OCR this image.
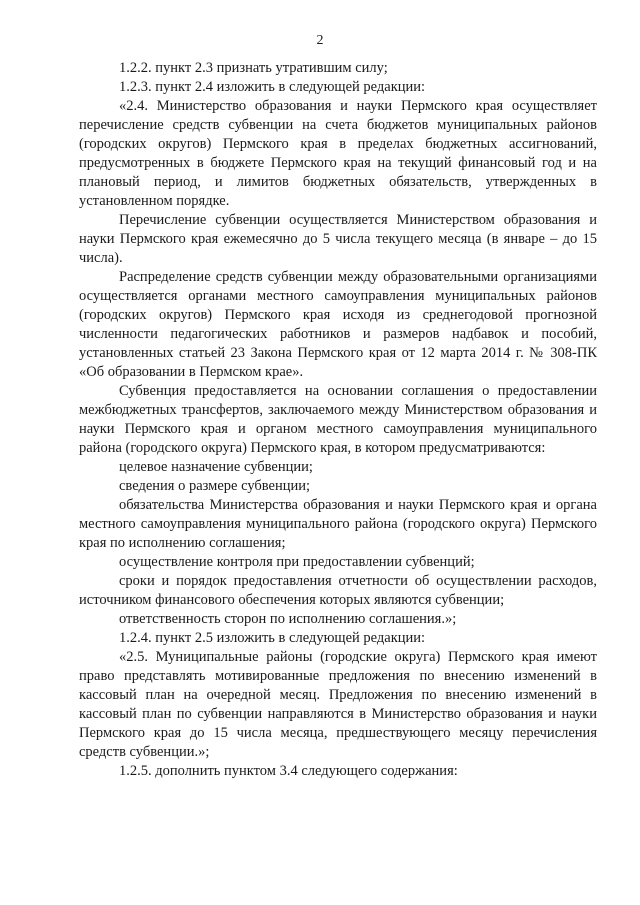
2

1.2.2. пункт 2.3 признать утратившим силу;

1.2.3. пункт 2.4 изложить в следующей редакции:

«2.4. Министерство образования и науки Пермского края осуществляет перечисление средств субвенции на счета бюджетов муниципальных районов (городских округов) Пермского края в пределах бюджетных ассигнований, предусмотренных в бюджете Пермского края на текущий финансовый год и на плановый период, и лимитов бюджетных обязательств, утвержденных в установленном порядке.

Перечисление субвенции осуществляется Министерством образования и науки Пермского края ежемесячно до 5 числа текущего месяца (в январе – до 15 числа).

Распределение средств субвенции между образовательными организациями осуществляется органами местного самоуправления муниципальных районов (городских округов) Пермского края исходя из среднегодовой прогнозной численности педагогических работников и размеров надбавок и пособий, установленных статьей 23 Закона Пермского края от 12 марта 2014 г. № 308-ПК «Об образовании в Пермском крае».

Субвенция предоставляется на основании соглашения о предоставлении межбюджетных трансфертов, заключаемого между Министерством образования и науки Пермского края и органом местного самоуправления муниципального района (городского округа) Пермского края, в котором предусматриваются:

целевое назначение субвенции;

сведения о размере субвенции;

обязательства Министерства образования и науки Пермского края и органа местного самоуправления муниципального района (городского округа) Пермского края по исполнению соглашения;

осуществление контроля при предоставлении субвенций;

сроки и порядок предоставления отчетности об осуществлении расходов, источником финансового обеспечения которых являются субвенции;

ответственность сторон по исполнению соглашения.»;

1.2.4. пункт 2.5 изложить в следующей редакции:

«2.5. Муниципальные районы (городские округа) Пермского края имеют право представлять мотивированные предложения по внесению изменений в кассовый план на очередной месяц. Предложения по внесению изменений в кассовый план по субвенции направляются в Министерство образования и науки Пермского края до 15 числа месяца, предшествующего месяцу перечисления средств субвенции.»;

1.2.5. дополнить пунктом 3.4 следующего содержания:
